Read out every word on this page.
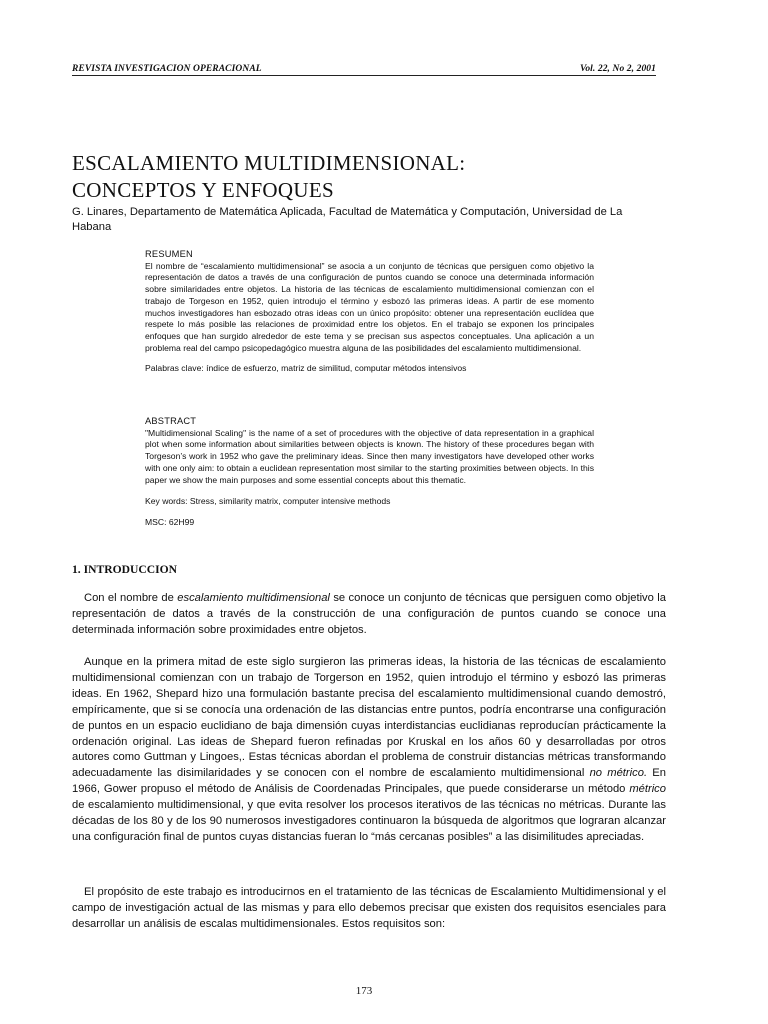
REVISTA INVESTIGACION OPERACIONAL	Vol. 22, No 2, 2001
ESCALAMIENTO MULTIDIMENSIONAL:
CONCEPTOS Y ENFOQUES

G. Linares, Departamento de Matemática Aplicada, Facultad de Matemática y Computación, Universidad de La Habana

RESUMEN

El nombre de “escalamiento multidimensional” se asocia a un conjunto de técnicas que persiguen como objetivo la representación de datos a través de una configuración de puntos cuando se conoce una determinada información sobre similaridades entre objetos. La historia de las técnicas de escalamiento multidimensional comienzan con el trabajo de Torgeson en 1952, quien introdujo el término y esbozó las primeras ideas. A partir de ese momento muchos investigadores han esbozado otras ideas con un único propósito: obtener una representación euclídea que respete lo más posible las relaciones de proximidad entre los objetos. En el trabajo se exponen los principales enfoques que han surgido alrededor de este tema y se precisan sus aspectos conceptuales. Una aplicación a un problema real del campo psicopedagógico muestra alguna de las posibilidades del escalamiento multidimensional.

Palabras clave: índice de esfuerzo, matriz de similitud, computar métodos intensivos

ABSTRACT

"Multidimensional Scaling" is the name of a set of procedures with the objective of data representation in a graphical plot when some information about similarities between objects is known. The history of these procedures began with Torgeson’s work in 1952 who gave the preliminary ideas. Since then many investigators have developed other works with one only aim: to obtain a euclidean representation most similar to the starting proximities between objects. In this paper we show the main purposes and some essential concepts about this thematic.

Key words: Stress, similarity matrix, computer intensive methods

MSC: 62H99

1. INTRODUCCION

Con el nombre de escalamiento multidimensional se conoce un conjunto de técnicas que persiguen como objetivo la representación de datos a través de la construcción de una configuración de puntos cuando se conoce una determinada información sobre proximidades entre objetos.

Aunque en la primera mitad de este siglo surgieron las primeras ideas, la historia de las técnicas de escalamiento multidimensional comienzan con un trabajo de Torgerson en 1952, quien introdujo el término y esbozó las primeras ideas. En 1962, Shepard hizo una formulación bastante precisa del escalamiento multidimensional cuando demostró, empíricamente, que si se conocía una ordenación de las distancias entre puntos, podría encontrarse una configuración de puntos en un espacio euclidiano de baja dimensión cuyas interdistancias euclidianas reproducían prácticamente la ordenación original. Las ideas de Shepard fueron refinadas por Kruskal en los años 60 y desarrolladas por otros autores como Guttman y Lingoes,. Estas técnicas abordan el problema de construir distancias métricas transformando adecuadamente las disimilaridades y se conocen con el nombre de escalamiento multidimensional no métrico. En 1966, Gower propuso el método de Análisis de Coordenadas Principales, que puede considerarse un método métrico de escalamiento multidimensional, y que evita resolver los procesos iterativos de las técnicas no métricas. Durante las décadas de los 80 y de los 90 numerosos investigadores continuaron la búsqueda de algoritmos que lograran alcanzar una configuración final de puntos cuyas distancias fueran lo “más cercanas posibles” a las disimilitudes apreciadas.

El propósito de este trabajo es introducirnos en el tratamiento de las técnicas de Escalamiento Multidimensional y el campo de investigación actual de las mismas y para ello debemos precisar que existen dos requisitos esenciales para desarrollar un análisis de escalas multidimensionales. Estos requisitos son:

173
